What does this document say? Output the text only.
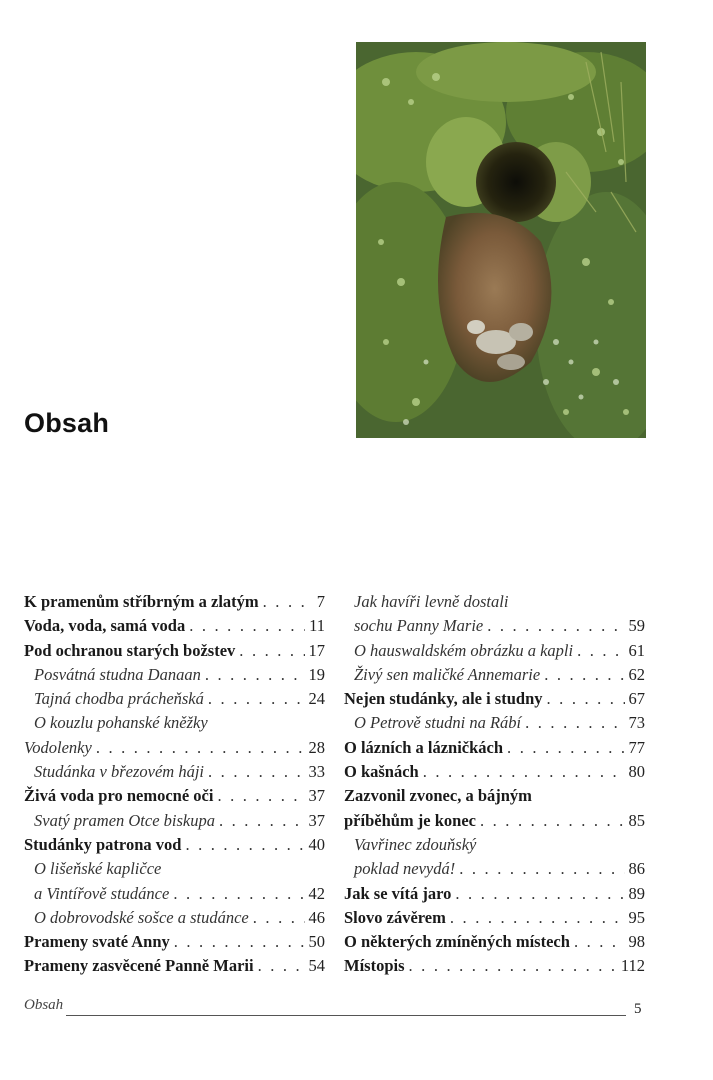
Obsah
K pramenům stříbrným a zlatým . . .	7
Voda, voda, samá voda . . .	11
Pod ochranou starých božstev . . .	17
Posvátná studna Danaan . . .	19
Tajná chodba prácheňská . . .	24
O kouzlu pohanské kněžky
Vodolenky . . .	28
Studánka v březovém háji . . .	33
Živá voda pro nemocné oči . . .	37
Svatý pramen Otce biskupa . . .	37
Studánky patrona vod . . .	40
O lišeňské kapličce
a Vintířově studánce . . .	42
O dobrovodské sošce a studánce . . .	46
Prameny svaté Anny . . .	50
Prameny zasvěcené Panně Marii . . .	54
Jak havíři levně dostali
sochu Panny Marie . . .	59
O hauswaldském obrázku a kapli . . .	61
Živý sen maličké Annemarie . . .	62
Nejen studánky, ale i studny . . .	67
O Petrově studni na Rábí . . .	73
O lázních a lázničkách . . .	77
O kašnách . . .	80
Zazvonil zvonec, a bájným
příběhům je konec . . .	85
Vavřinec zdouňský
poklad nevydá! . . .	86
Jak se vítá jaro . . .	89
Slovo závěrem . . .	95
O některých zmíněných místech . . .	98
Místopis . . .	112
Obsah	5
